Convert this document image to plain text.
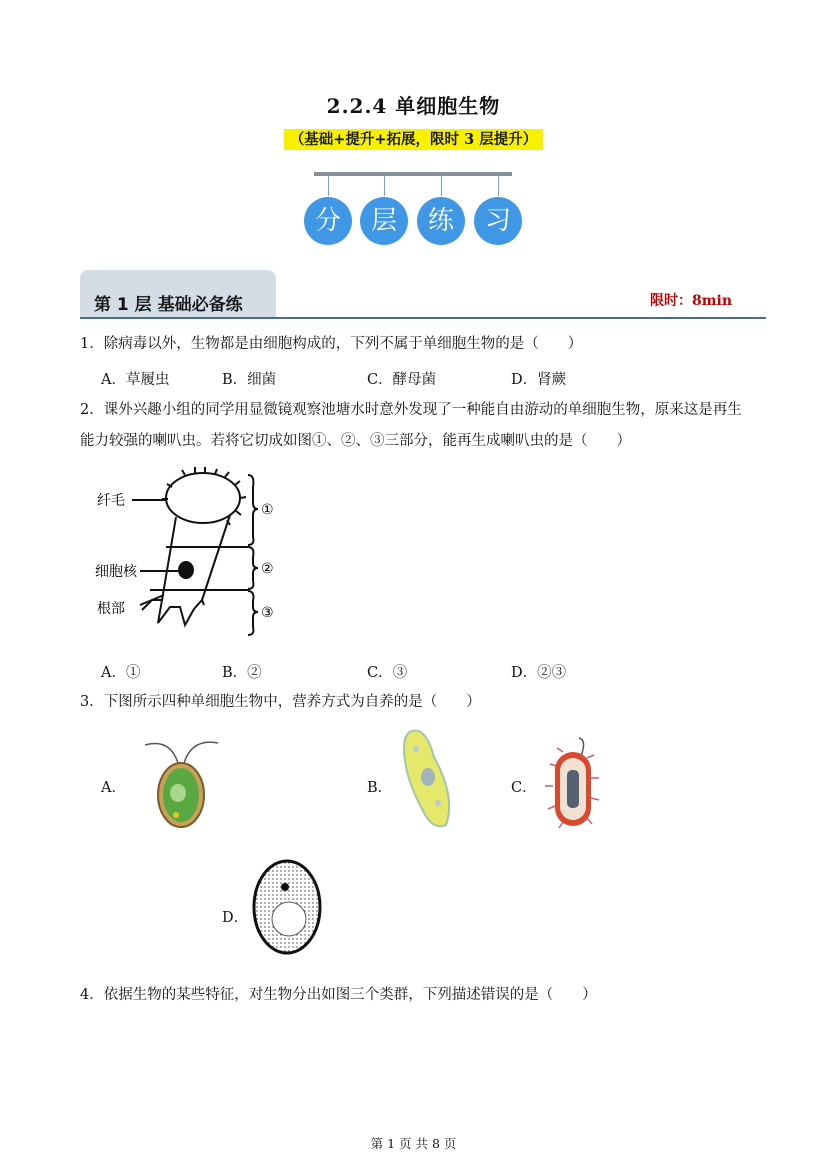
2.2.4 单细胞生物
（基础+提升+拓展，限时 3 层提升）
分	层	练	习
第 1 层 基础必备练	限时：8min
1．除病毒以外，生物都是由细胞构成的，下列不属于单细胞生物的是（　　）
A．草履虫	B．细菌	C．酵母菌	D．肾蕨
2．课外兴趣小组的同学用显微镜观察池塘水时意外发现了一种能自由游动的单细胞生物，原来这是再生
能力较强的喇叭虫。若将它切成如图①、②、③三部分，能再生成喇叭虫的是（　　）
纤毛
细胞核
根部
①
②
③
A．①	B．②	C．③	D．②③
3．下图所示四种单细胞生物中，营养方式为自养的是（　　）
A．	B．	C．
D．
4．依据生物的某些特征，对生物分出如图三个类群，下列描述错误的是（　　）
第 1 页 共 8 页
